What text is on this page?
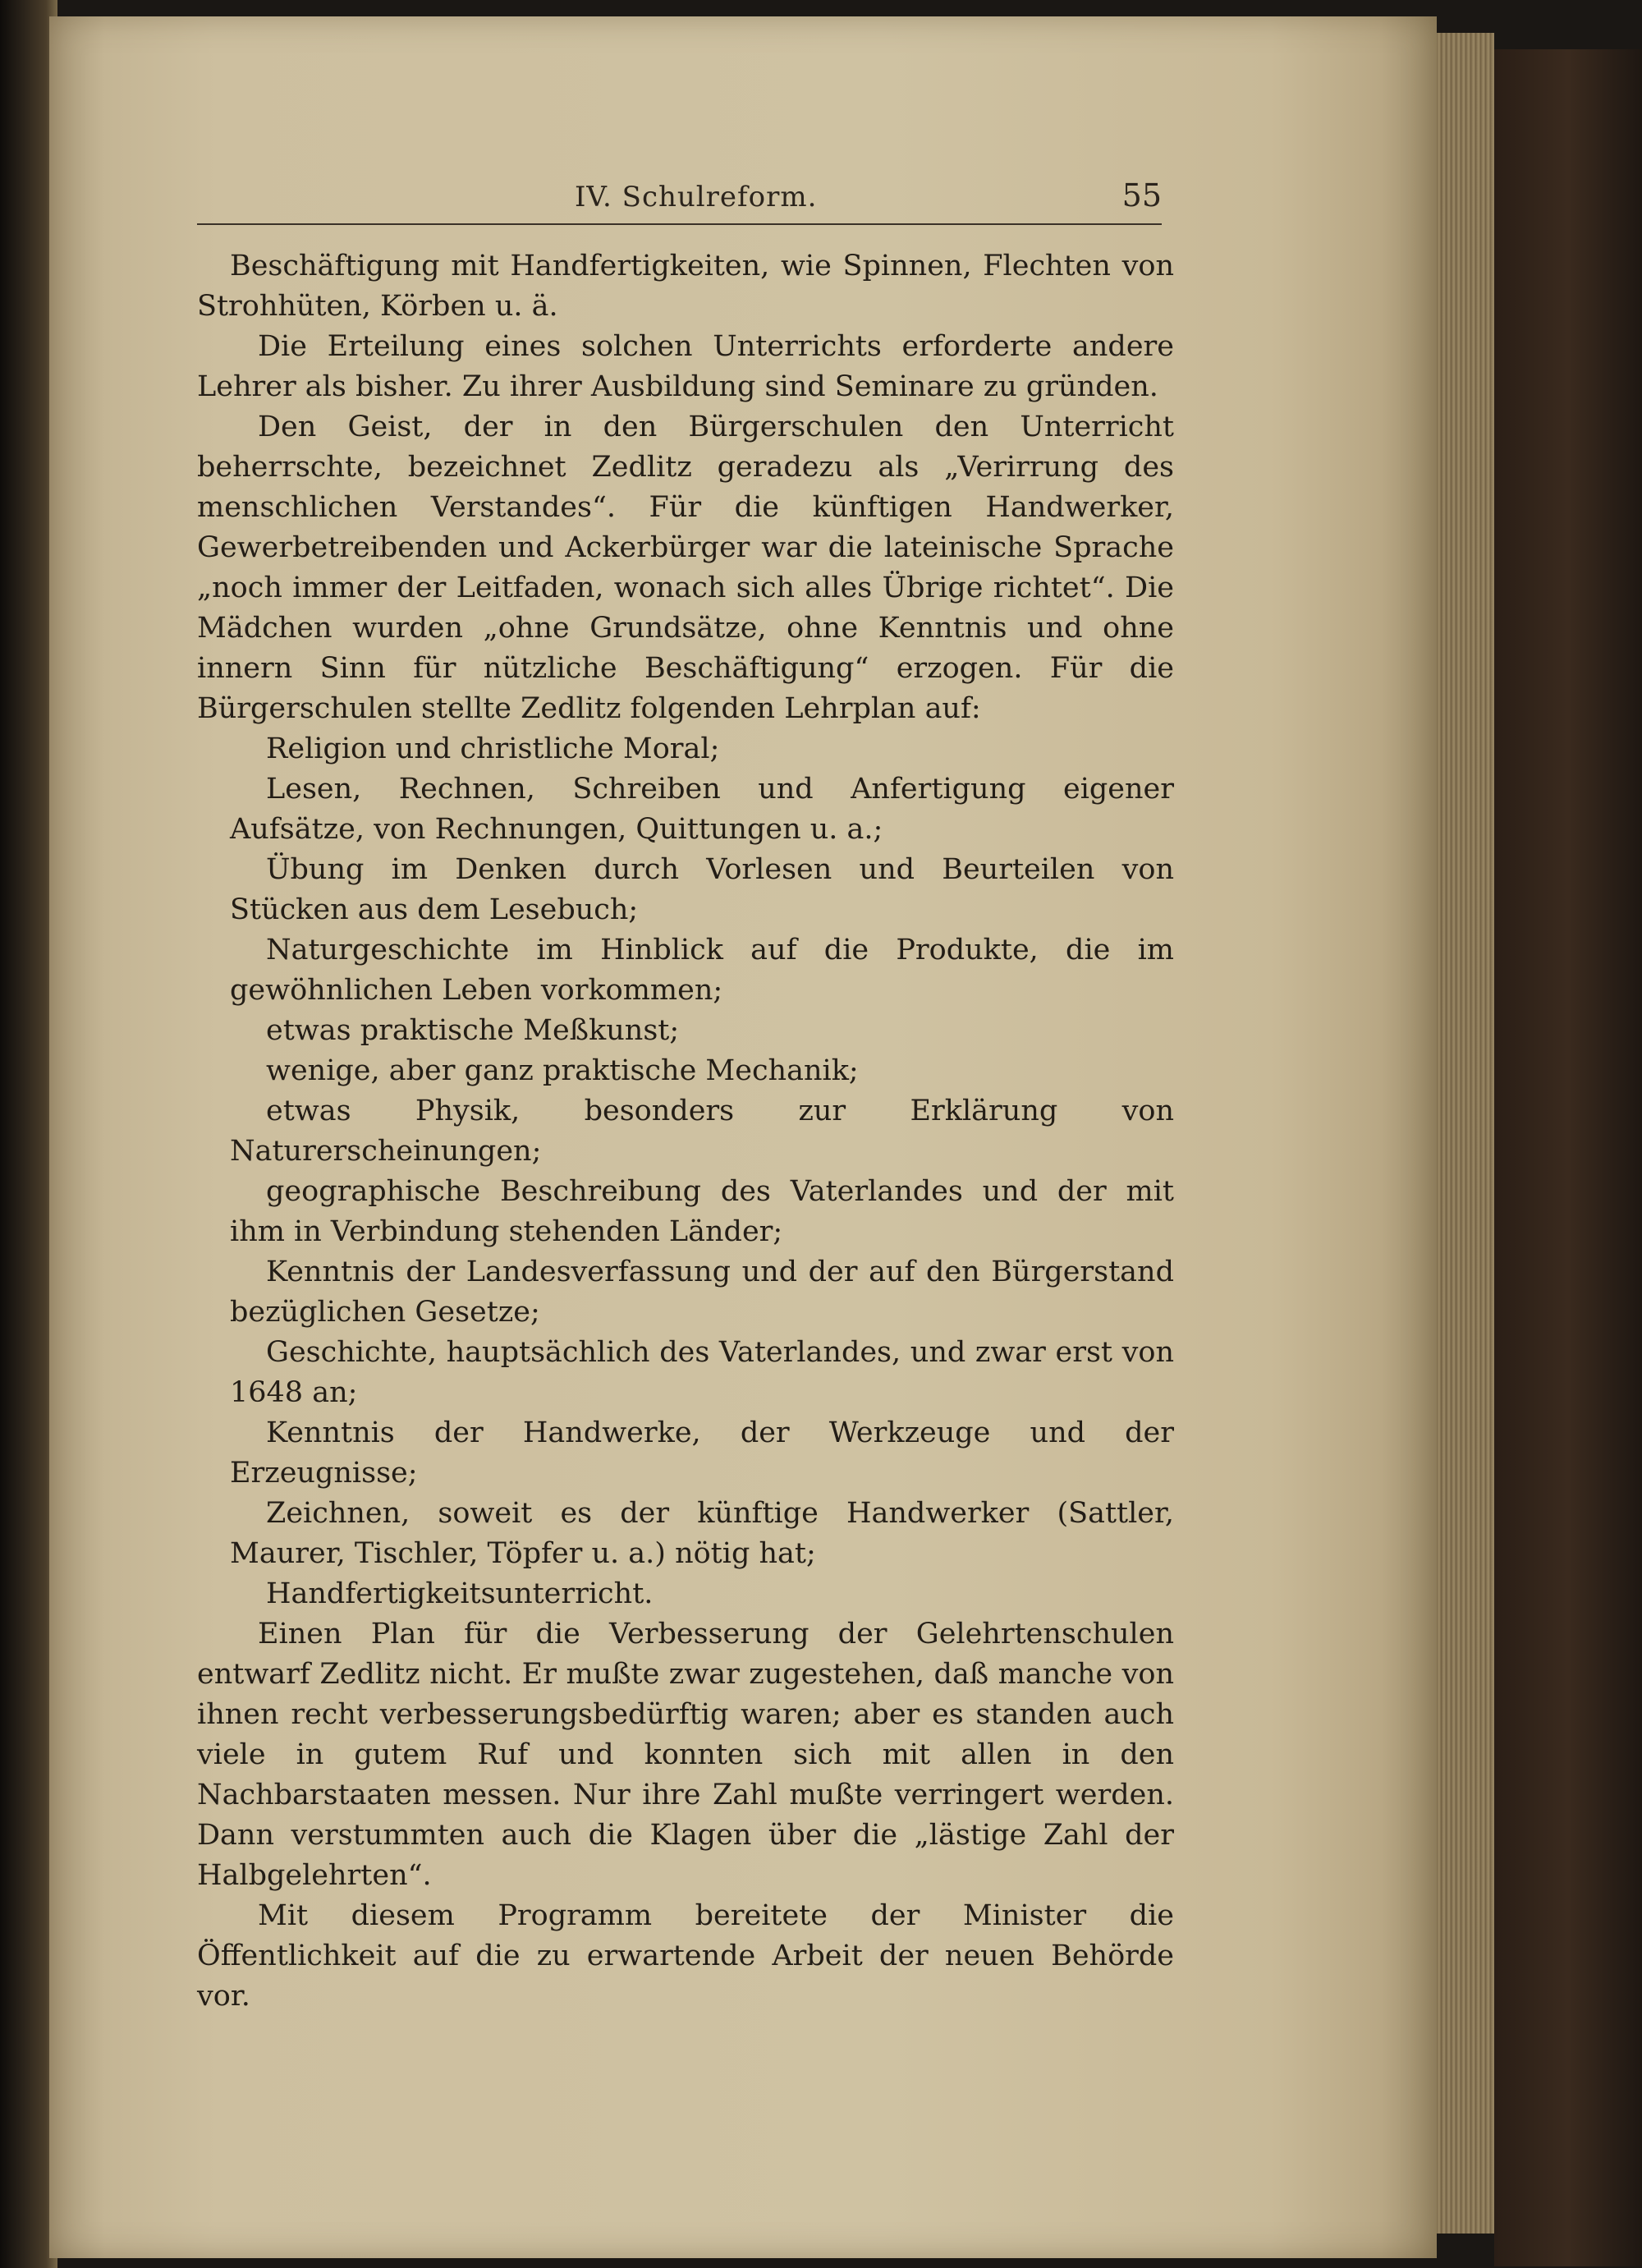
IV. Schulreform.	55

Beschäftigung mit Handfertigkeiten, wie Spinnen, Flechten von Strohhüten, Körben u. ä.

Die Erteilung eines solchen Unterrichts erforderte andere Lehrer als bisher. Zu ihrer Ausbildung sind Seminare zu gründen.

Den Geist, der in den Bürgerschulen den Unterricht beherrschte, bezeichnet Zedlitz geradezu als „Verirrung des menschlichen Verstandes“. Für die künftigen Handwerker, Gewerbetreibenden und Ackerbürger war die lateinische Sprache „noch immer der Leitfaden, wonach sich alles Übrige richtet“. Die Mädchen wurden „ohne Grundsätze, ohne Kenntnis und ohne innern Sinn für nützliche Beschäftigung“ erzogen. Für die Bürgerschulen stellte Zedlitz folgenden Lehrplan auf:

Religion und christliche Moral;

Lesen, Rechnen, Schreiben und Anfertigung eigener Aufsätze, von Rechnungen, Quittungen u. a.;

Übung im Denken durch Vorlesen und Beurteilen von Stücken aus dem Lesebuch;

Naturgeschichte im Hinblick auf die Produkte, die im gewöhnlichen Leben vorkommen;

etwas praktische Meßkunst;

wenige, aber ganz praktische Mechanik;

etwas Physik, besonders zur Erklärung von Naturerscheinungen;

geographische Beschreibung des Vaterlandes und der mit ihm in Verbindung stehenden Länder;

Kenntnis der Landesverfassung und der auf den Bürgerstand bezüglichen Gesetze;

Geschichte, hauptsächlich des Vaterlandes, und zwar erst von 1648 an;

Kenntnis der Handwerke, der Werkzeuge und der Erzeugnisse;

Zeichnen, soweit es der künftige Handwerker (Sattler, Maurer, Tischler, Töpfer u. a.) nötig hat;

Handfertigkeitsunterricht.

Einen Plan für die Verbesserung der Gelehrtenschulen entwarf Zedlitz nicht. Er mußte zwar zugestehen, daß manche von ihnen recht verbesserungsbedürftig waren; aber es standen auch viele in gutem Ruf und konnten sich mit allen in den Nachbarstaaten messen. Nur ihre Zahl mußte verringert werden. Dann verstummten auch die Klagen über die „lästige Zahl der Halbgelehrten“.

Mit diesem Programm bereitete der Minister die Öffentlichkeit auf die zu erwartende Arbeit der neuen Behörde vor.
